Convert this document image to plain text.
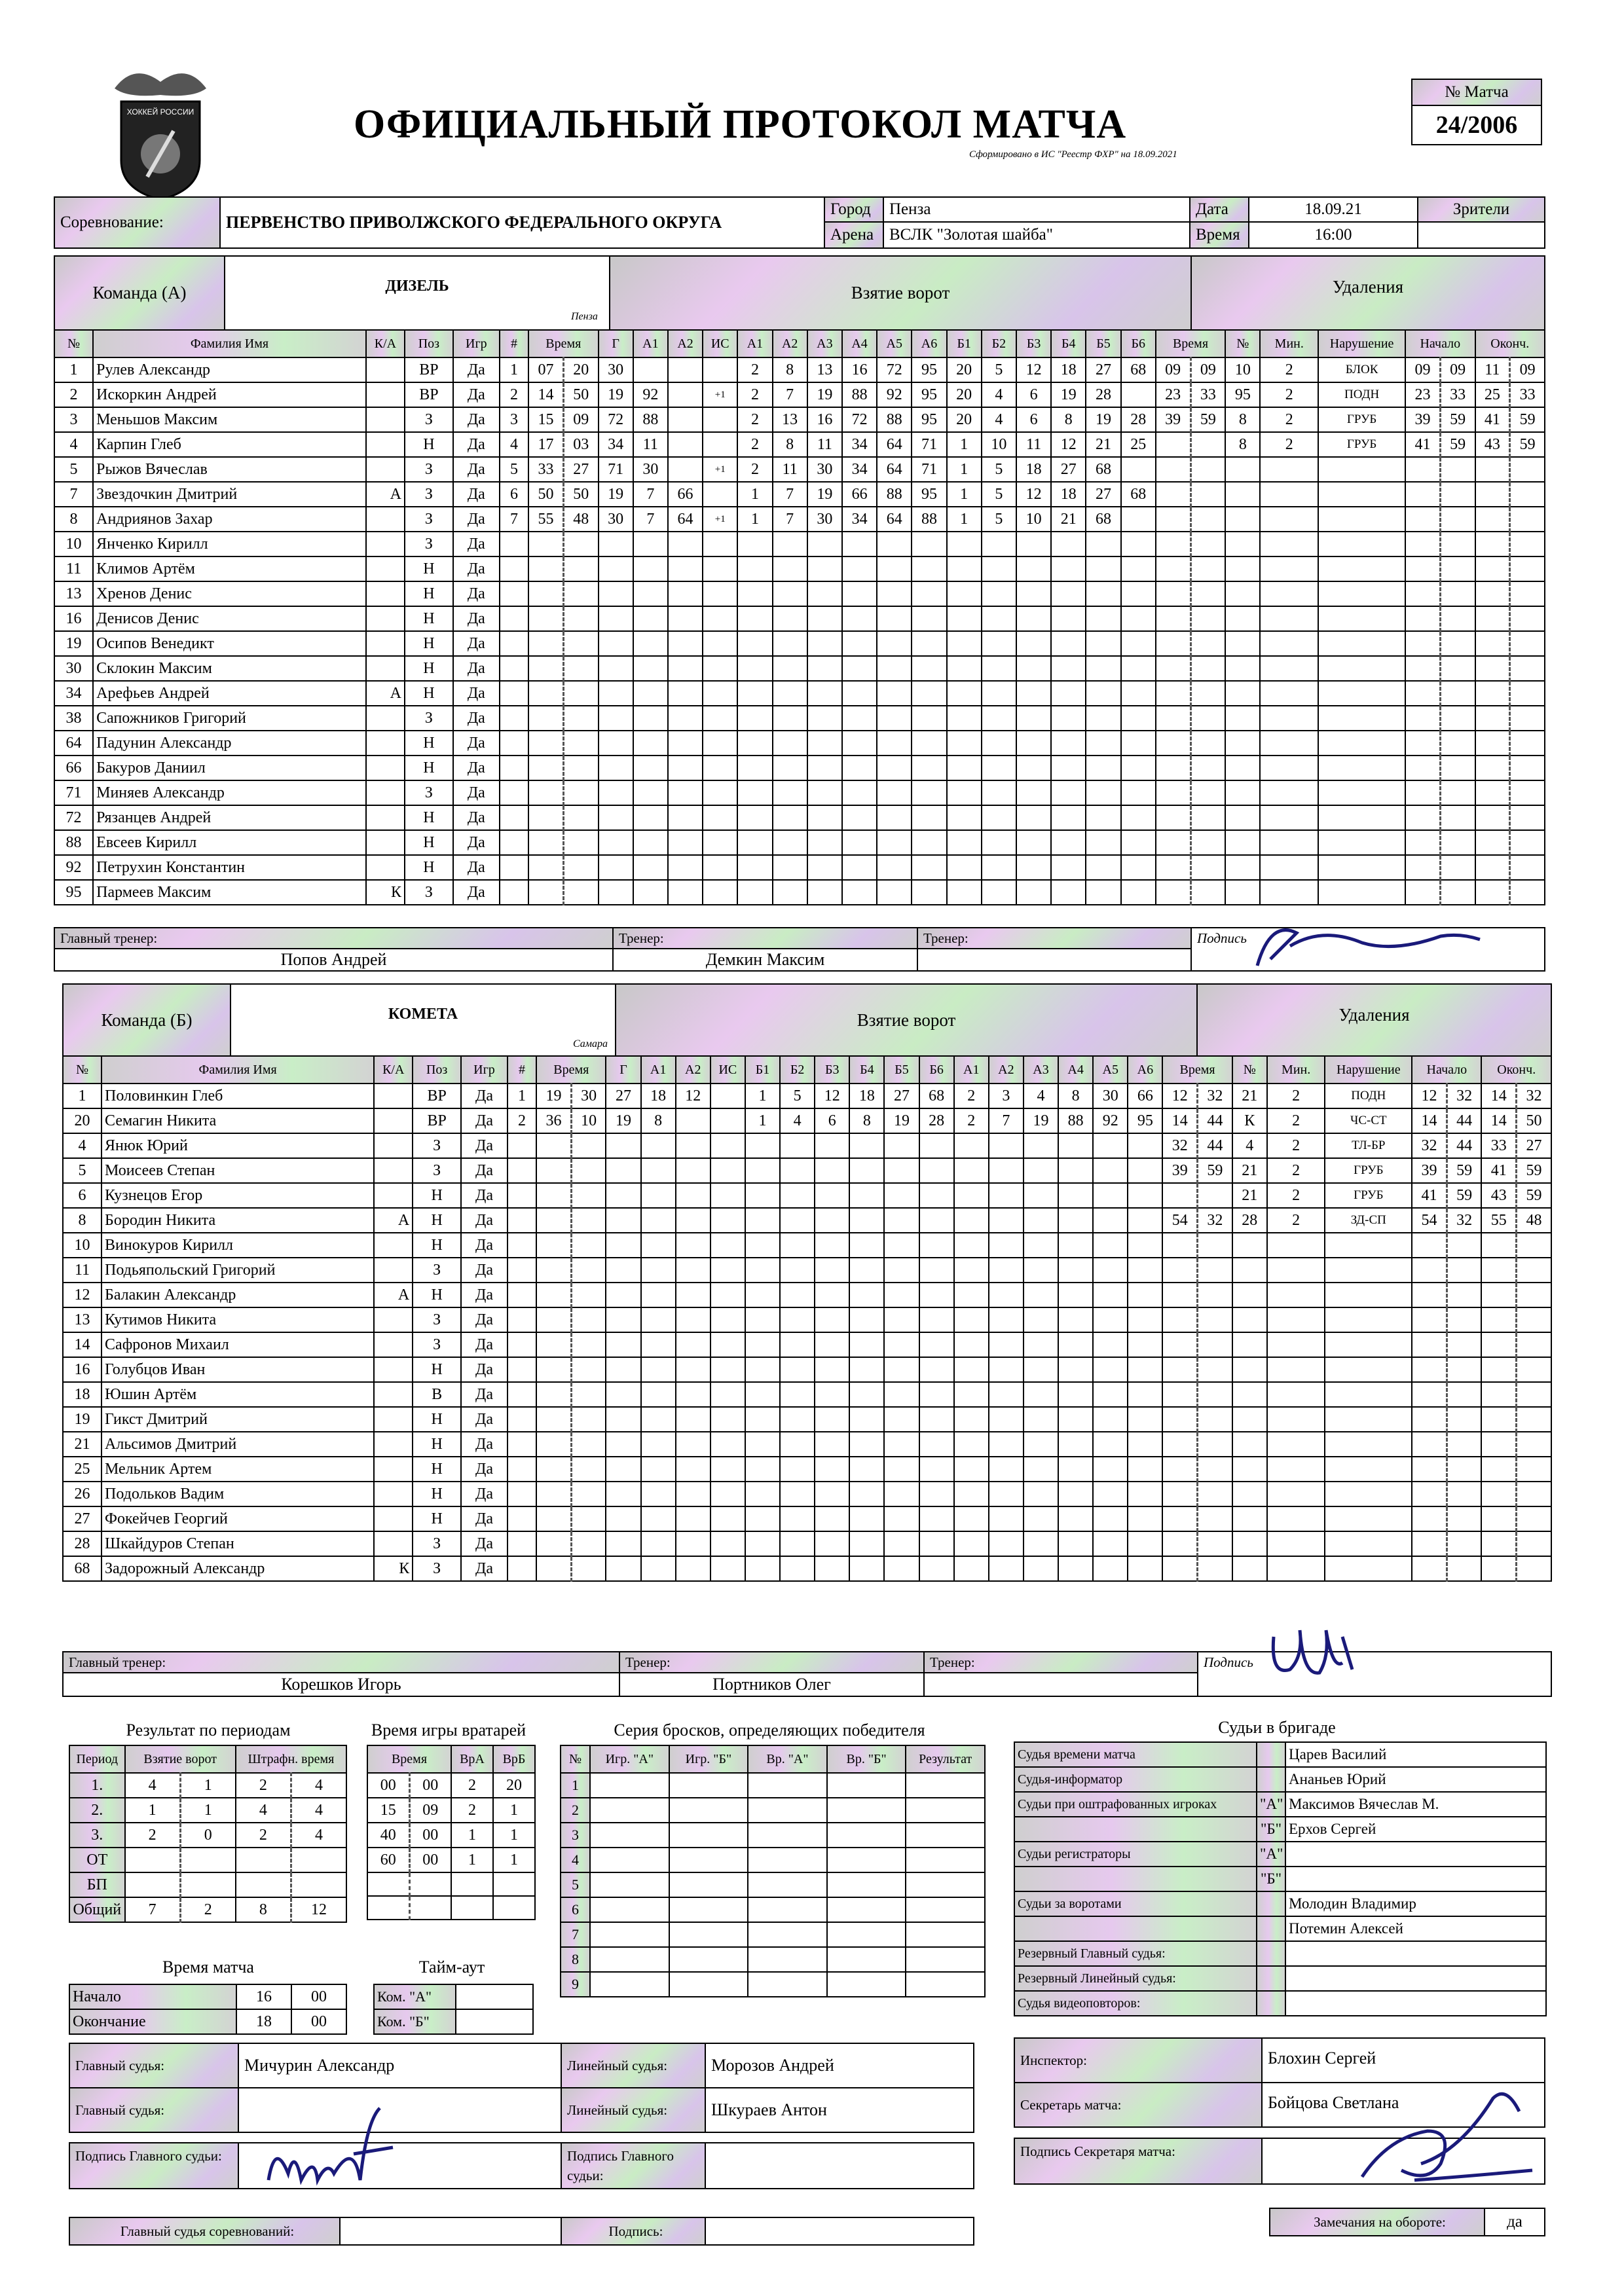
ХОККЕЙ РОССИИ	ОФИЦИАЛЬНЫЙ ПРОТОКОЛ МАТЧА
Сформировано в ИС "Реестр ФХР" на 18.09.2021
№ Матча
24/2006
Соревнование:	ПЕРВЕНСТВО ПРИВОЛЖСКОГО ФЕДЕРАЛЬНОГО ОКРУГА
Город	Пенза
Арена ВСЛК "Золотая шайба"
Дата	18.09.21
Время	16:00
Зрители
Команда (А)	ДИЗЕЛЬ
Пенза
Взятие ворот	Удаления
№	Фамилия Имя	К/А	Поз	Игр	#	Время		Г	А1	А2	ИС	А1	А2	А3	А4	А5	А6	Б1	Б2	Б3	Б4	Б5	Б6	Время		№	Мин.	Нарушение	Начало		Оконч.	
1	Рулев Александр		ВР	Да	1	07	20	30				2	8	13	16	72	95	20	5	12	18	27	68	09	09	10	2	БЛОК	09	09	11	09
2	Искоркин Андрей		ВР	Да	2	14	50	19	92		+1	2	7	19	88	92	95	20	4	6	19	28		23	33	95	2	ПОДН	23	33	25	33
3	Меньшов Максим		З	Да	3	15	09	72	88			2	13	16	72	88	95	20	4	6	8	19	28	39	59	8	2	ГРУБ	39	59	41	59
4	Карпин Глеб		Н	Да	4	17	03	34	11			2	8	11	34	64	71	1	10	11	12	21	25			8	2	ГРУБ	41	59	43	59
5	Рыжов Вячеслав		З	Да	5	33	27	71	30		+1	2	11	30	34	64	71	1	5	18	27	68										
7	Звездочкин Дмитрий	А	З	Да	6	50	50	19	7	66		1	7	19	66	88	95	1	5	12	18	27	68									
8	Андриянов Захар		З	Да	7	55	48	30	7	64	+1	1	7	30	34	64	88	1	5	10	21	68										
10	Янченко Кирилл		З	Да																												
11	Климов Артём		Н	Да																												
13	Хренов Денис		Н	Да																												
16	Денисов Денис		Н	Да																												
19	Осипов Венедикт		Н	Да																												
30	Склокин Максим		Н	Да																												
34	Арефьев Андрей	А	Н	Да																												
38	Сапожников Григорий		З	Да																												
64	Падунин Александр		Н	Да																												
66	Бакуров Даниил		Н	Да																												
71	Миняев Александр		З	Да																												
72	Рязанцев Андрей		Н	Да																												
88	Евсеев Кирилл		Н	Да																												
92	Петрухин Константин		Н	Да																												
95	Пармеев Максим	К	З	Да																												
Главный тренер:
Попов Андрей
Тренер:
Демкин Максим
Тренер:	Подпись
Команда (Б)	КОМЕТА
Самара
Взятие ворот	Удаления
№	Фамилия Имя	К/А	Поз	Игр	#	Время		Г	А1	А2	ИС	Б1	Б2	Б3	Б4	Б5	Б6	А1	А2	А3	А4	А5	А6	Время		№	Мин.	Нарушение	Начало		Оконч.	
1	Половинкин Глеб		ВР	Да	1	19	30	27	18	12		1	5	12	18	27	68	2	3	4	8	30	66	12	32	21	2	ПОДН	12	32	14	32
20	Семагин Никита		ВР	Да	2	36	10	19	8			1	4	6	8	19	28	2	7	19	88	92	95	14	44	К	2	ЧС-СТ	14	44	14	50
4	Янюк Юрий		З	Да																				32	44	4	2	ТЛ-БР	32	44	33	27
5	Моисеев Степан		З	Да																				39	59	21	2	ГРУБ	39	59	41	59
6	Кузнецов Егор		Н	Да																						21	2	ГРУБ	41	59	43	59
8	Бородин Никита	А	Н	Да																				54	32	28	2	ЗД-СП	54	32	55	48
10	Винокуров Кирилл		Н	Да																												
11	Подьяпольский Григорий		З	Да																												
12	Балакин Александр	А	Н	Да																												
13	Кутимов Никита		З	Да																												
14	Сафронов Михаил		З	Да																												
16	Голубцов Иван		Н	Да																												
18	Юшин Артём		В	Да																												
19	Гикст Дмитрий		Н	Да																												
21	Альсимов Дмитрий		Н	Да																												
25	Мельник Артем		Н	Да																												
26	Подольков Вадим		Н	Да																												
27	Фокейчев Георгий		Н	Да																												
28	Шкайдуров Степан		З	Да																												
68	Задорожный Александр	К	З	Да																												
Главный тренер:
Корешков Игорь
Тренер:
Портников Олег
Тренер:	Подпись
Результат по периодам
Период	Взятие ворот		Штрафн. время	
1.	4	1	2	4
2.	1	1	4	4
3.	2	0	2	4
ОТ				
БП				
Общий	7	2	8	12
Время игры вратарей
Время		ВрА	ВрБ
00	00	2	20
15	09	2	1
40	00	1	1
60	00	1	1

Время матча
Начало	16	00
Окончание	18	00
Тайм-аут
Ком. "А"	
Ком. "Б"	
Серия бросков, определяющих победителя
№	Игр. "А"	Игр. "Б"	Вр. "А"	Вр. "Б"	Результат
1					
2					
3					
4					
5					
6					
7					
8					
9					
Судьи в бригаде
Судья времени матча		Царев Василий
Судья-информатор		Ананьев Юрий
Судьи при оштрафованных игроках	"А"	Максимов Вячеслав М.
	"Б"	Ерхов Сергей
Судьи регистраторы	"А"	
	"Б"	
Судьи за воротами		Молодин Владимир
		Потемин Алексей
Резервный Главный судья:		
Резервный Линейный судья:		
Судья видеоповторов:		
Главный судья:	Мичурин Александр
Главный судья:
Линейный судья:	Морозов Андрей
Линейный судья:	Шкураев Антон
Инспектор:	Блохин Сергей
Секретарь матча:	Бойцова Светлана
Подпись Главного судьи:	Подпись Главного судьи:
Подпись Секретаря матча:
Главный судья соревнований:	Подпись:
Замечания на обороте:	да
